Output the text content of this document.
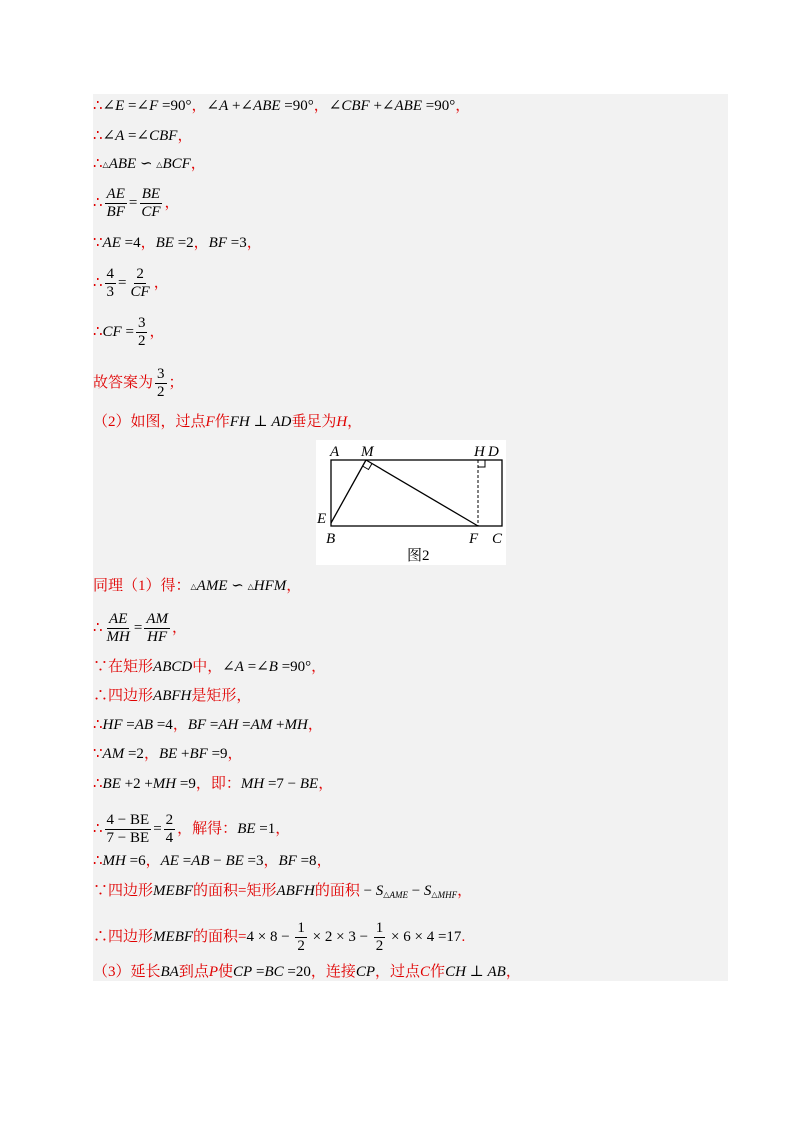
∴∠E =∠F =90°，∠A +∠ABE =90°，∠CBF +∠ABE =90°，
∴∠A =∠CBF，
∴△ABE ∽ △BCF，
∴ $\frac{AE}{BF} = \frac{BE}{CF}$ ，
∵AE =4，BE =2，BF =3，
∴ $\frac{4}{3} = \frac{2}{CF}$ ，
∴CF = $\frac{3}{2}$ ，
故答案为 $\frac{3}{2}$ ；
（2）如图，过点F作FH ⊥ AD垂足为H，
A M	H D
E
B	F C
图2
同理（1）得：△AME ∽ △HFM，
∴ $\frac{AE}{MH} = \frac{AM}{HF}$ ，
∵在矩形ABCD中，∠A =∠B =90°，
∴四边形ABFH是矩形，
∴HF =AB =4，BF =AH =AM +MH，
∵AM =2，BE +BF =9，
∴BE +2 +MH =9，即：MH =7 − BE，
∴ $\frac{4 - BE}{7 - BE} = \frac{2}{4}$ ，解得：BE =1，
∴MH =6，AE =AB − BE =3，BF =8，
∵四边形MEBF的面积=矩形ABFH的面积 − $S_{\triangle AME} - S_{\triangle MHF}$，
∴四边形MEBF的面积$=4 \times 8 - \frac{1}{2} \times 2 \times 3 - \frac{1}{2} \times 6 \times 4 =17$.
（3）延长BA到点P使CP =BC =20，连接CP，过点C作CH ⊥ AB，
